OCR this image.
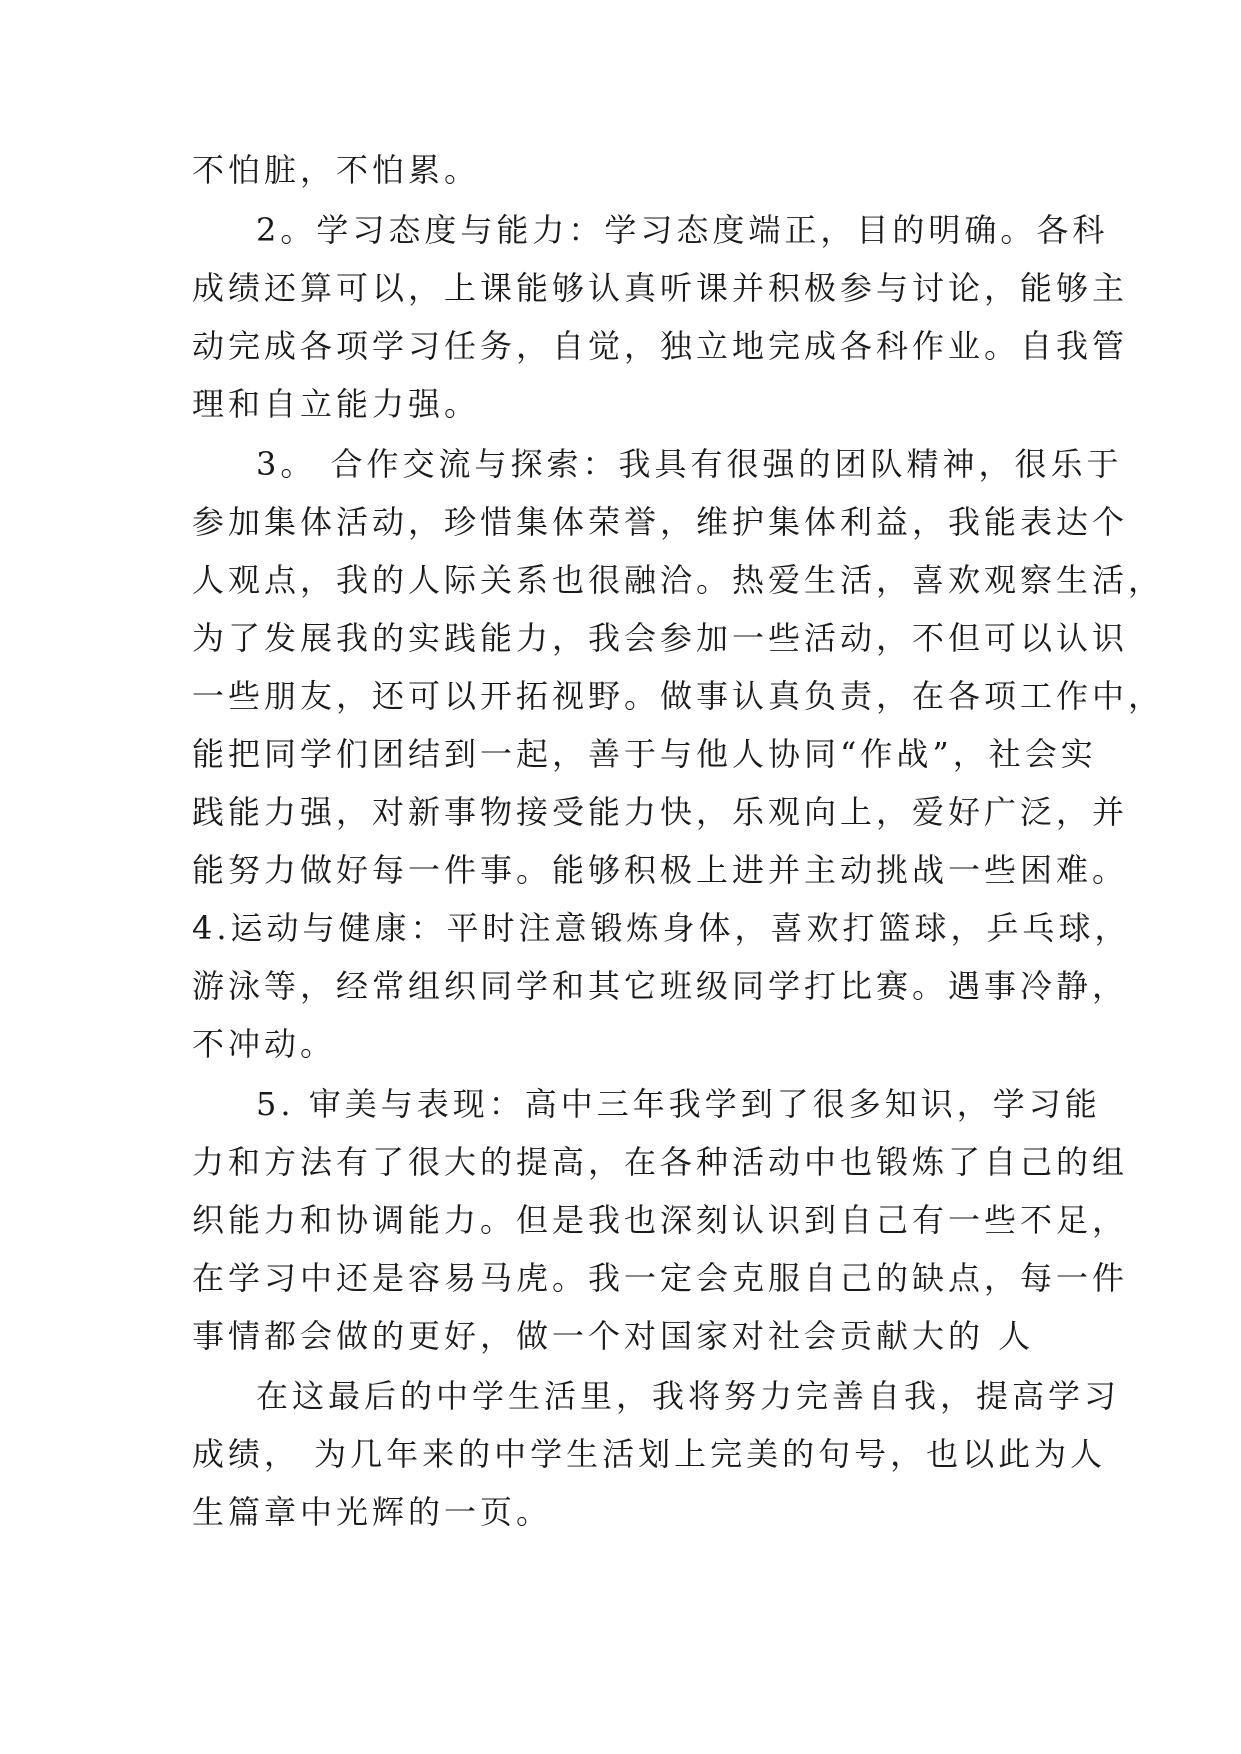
不怕脏，不怕累。
2。学习态度与能力：学习态度端正，目的明确。各科
成绩还算可以，上课能够认真听课并积极参与讨论，能够主
动完成各项学习任务，自觉，独立地完成各科作业。自我管
理和自立能力强。
3。 合作交流与探索：我具有很强的团队精神，很乐于
参加集体活动，珍惜集体荣誉，维护集体利益，我能表达个
人观点，我的人际关系也很融洽。热爱生活，喜欢观察生活，
为了发展我的实践能力，我会参加一些活动，不但可以认识
一些朋友，还可以开拓视野。做事认真负责，在各项工作中，
能把同学们团结到一起，善于与他人协同“作战”，社会实
践能力强，对新事物接受能力快，乐观向上，爱好广泛，并
能努力做好每一件事。能够积极上进并主动挑战一些困难。
4.运动与健康：平时注意锻炼身体，喜欢打篮球，乒乓球，
游泳等，经常组织同学和其它班级同学打比赛。遇事冷静，
不冲动。
5. 审美与表现：高中三年我学到了很多知识，学习能
力和方法有了很大的提高，在各种活动中也锻炼了自己的组
织能力和协调能力。但是我也深刻认识到自己有一些不足，
在学习中还是容易马虎。我一定会克服自己的缺点，每一件
事情都会做的更好，做一个对国家对社会贡献大的 人
在这最后的中学生活里，我将努力完善自我，提高学习
成绩， 为几年来的中学生活划上完美的句号，也以此为人
生篇章中光辉的一页。
